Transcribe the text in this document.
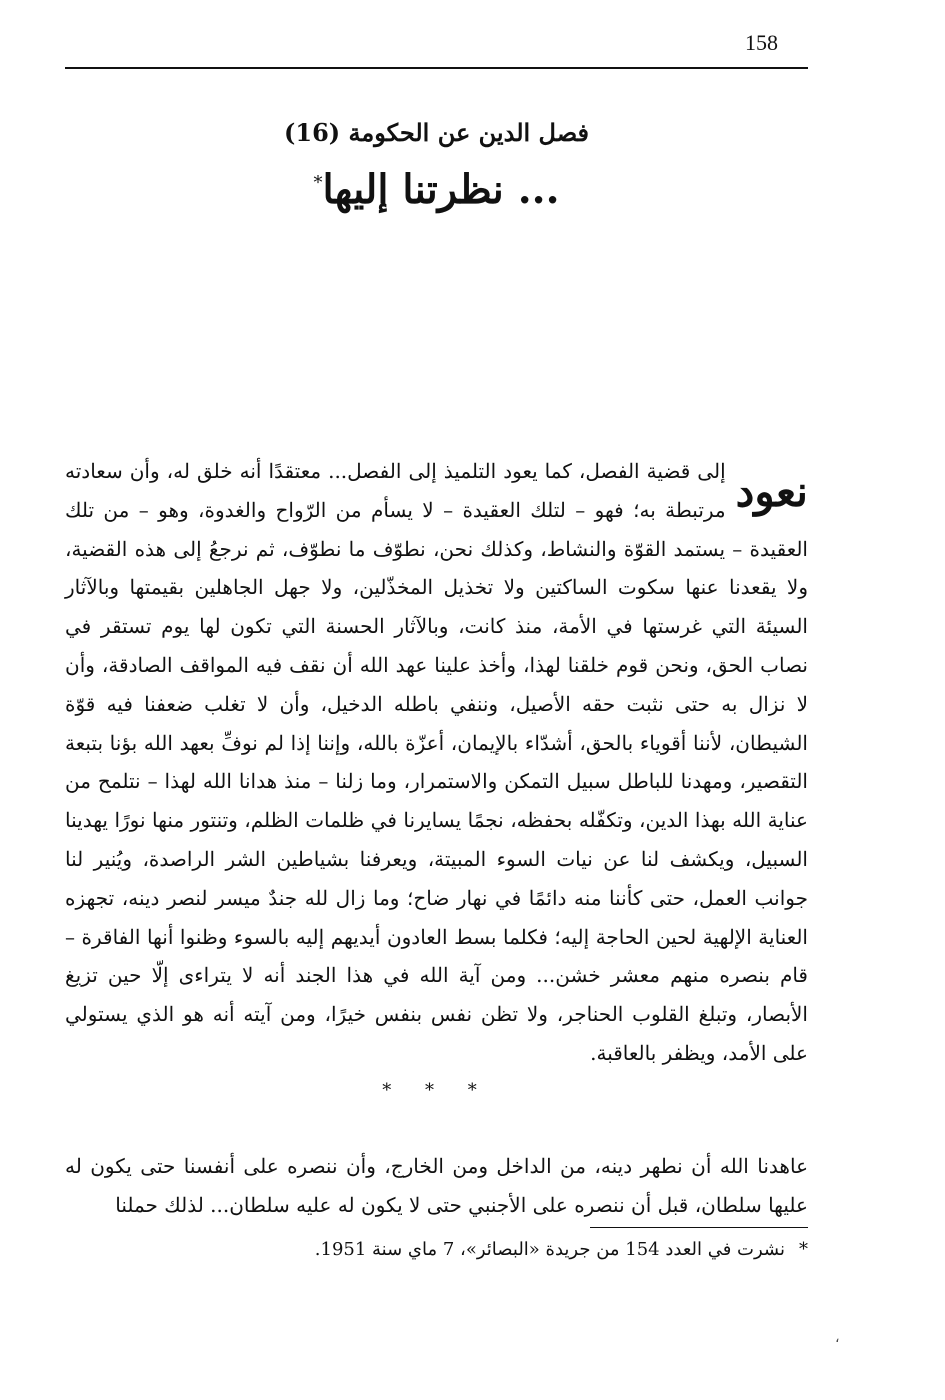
158
فصل الدين عن الحكومة (16)
... نظرتنا إليها*
نعود
إلى قضية الفصل، كما يعود التلميذ إلى الفصل... معتقدًا أنه خلق له، وأن سعادته مرتبطة به؛ فهو – لتلك العقيدة – لا يسأم من الرّواح والغدوة، وهو – من تلك العقيدة – يستمد القوّة والنشاط، وكذلك نحن، نطوّف ما نطوّف، ثم نرجعُ إلى هذه القضية، ولا يقعدنا عنها سكوت الساكتين ولا تخذيل المخذّلين، ولا جهل الجاهلين بقيمتها وبالآثار السيئة التي غرستها في الأمة، منذ كانت، وبالآثار الحسنة التي تكون لها يوم تستقر في نصاب الحق، ونحن قوم خلقنا لهذا، وأخذ علينا عهد الله أن نقف فيه المواقف الصادقة، وأن لا نزال به حتى نثبت حقه الأصيل، وننفي باطله الدخيل، وأن لا تغلب ضعفنا فيه قوّة الشيطان، لأننا أقوياء بالحق، أشدّاء بالإيمان، أعزّة بالله، وإننا إذا لم نوفِّ بعهد الله بؤنا بتبعة التقصير، ومهدنا للباطل سبيل التمكن والاستمرار، وما زلنا – منذ هدانا الله لهذا – نتلمح من عناية الله بهذا الدين، وتكفّله بحفظه، نجمًا يسايرنا في ظلمات الظلم، وتنتور منها نورًا يهدينا السبيل، ويكشف لنا عن نيات السوء المبيتة، ويعرفنا بشياطين الشر الراصدة، ويُنير لنا جوانب العمل، حتى كأننا منه دائمًا في نهار ضاح؛ وما زال لله جندٌ ميسر لنصر دينه، تجهزه العناية الإلهية لحين الحاجة إليه؛ فكلما بسط العادون أيديهم إليه بالسوء وظنوا أنها الفاقرة – قام بنصره منهم معشر خشن... ومن آية الله في هذا الجند أنه لا يتراءى إلّا حين تزيغ الأبصار، وتبلغ القلوب الحناجر، ولا تظن نفس بنفس خيرًا، ومن آيته أنه هو الذي يستولي على الأمد، ويظفر بالعاقبة.
* * *
عاهدنا الله أن نطهر دينه، من الداخل ومن الخارج، وأن ننصره على أنفسنا حتى يكون له عليها سلطان، قبل أن ننصره على الأجنبي حتى لا يكون له عليه سلطان... لذلك حملنا
*نشرت في العدد 154 من جريدة «البصائر»، 7 ماي سنة 1951.
،
